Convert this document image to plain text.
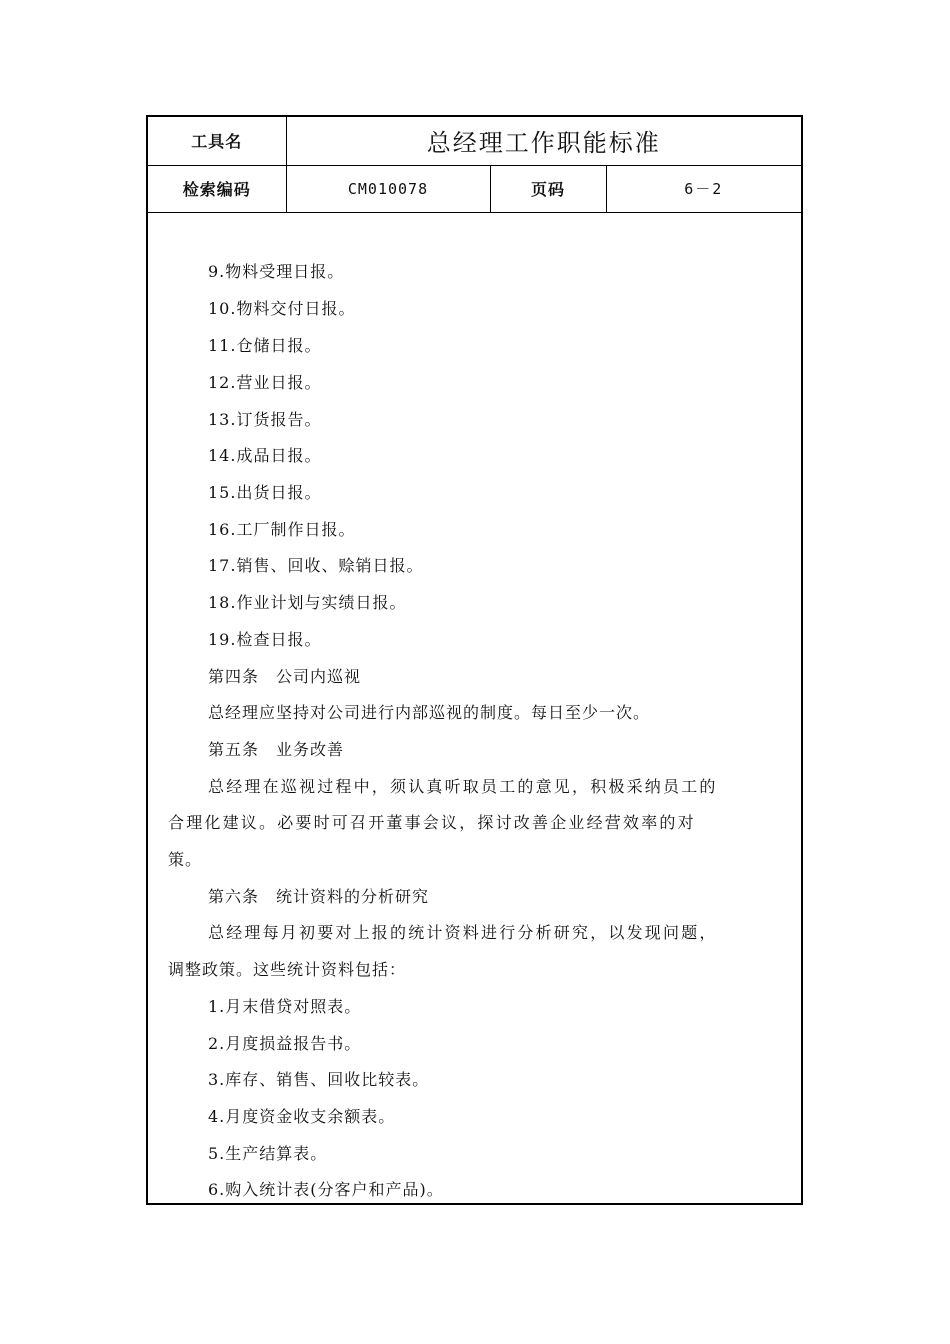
工具名	总经理工作职能标准		
检索编码	CM010078	页码	6－2
9.物料受理日报。
10.物料交付日报。
11.仓储日报。
12.营业日报。
13.订货报告。
14.成品日报。
15.出货日报。
16.工厂制作日报。
17.销售、回收、赊销日报。
18.作业计划与实绩日报。
19.检查日报。
第四条　公司内巡视
总经理应坚持对公司进行内部巡视的制度。每日至少一次。
第五条　业务改善
总经理在巡视过程中，须认真听取员工的意见，积极采纳员工的
合理化建议。必要时可召开董事会议，探讨改善企业经营效率的对
策。
第六条　统计资料的分析研究
总经理每月初要对上报的统计资料进行分析研究，以发现问题，
调整政策。这些统计资料包括：
1.月末借贷对照表。
2.月度损益报告书。
3.库存、销售、回收比较表。
4.月度资金收支余额表。
5.生产结算表。
6.购入统计表(分客户和产品)。
